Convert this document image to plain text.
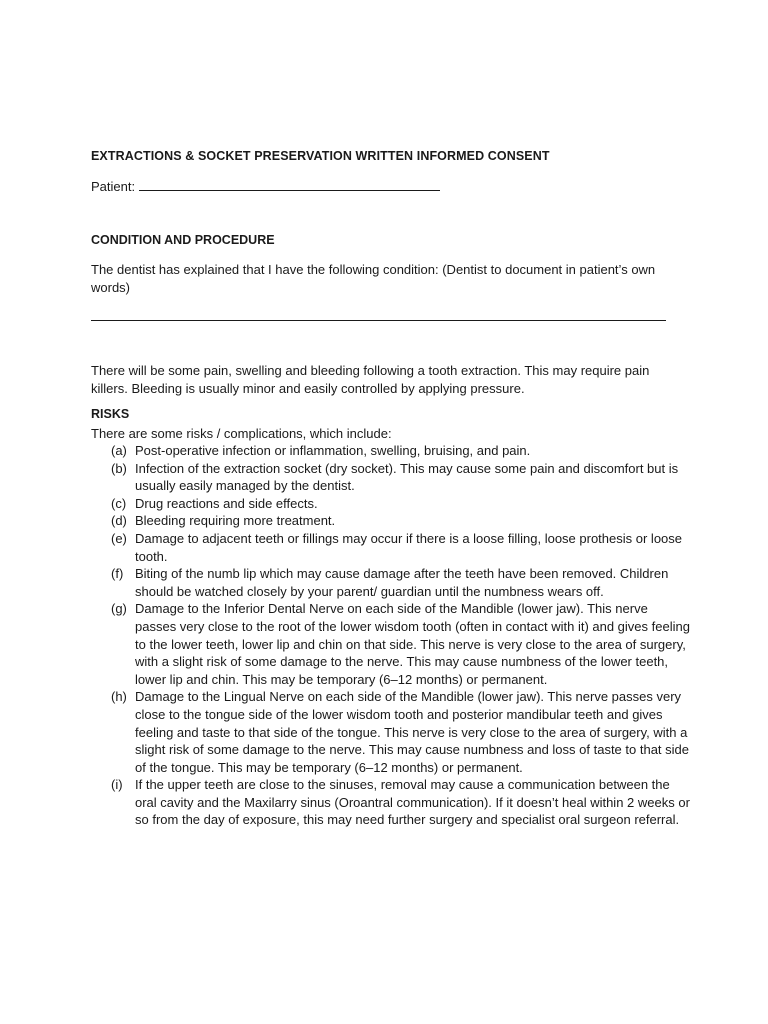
EXTRACTIONS & SOCKET PRESERVATION WRITTEN INFORMED CONSENT
Patient:
CONDITION AND PROCEDURE
The dentist has explained that I have the following condition: (Dentist to document in patient’s own words)
There will be some pain, swelling and bleeding following a tooth extraction. This may require pain killers. Bleeding is usually minor and easily controlled by applying pressure.
RISKS
There are some risks / complications, which include:
(a) Post-operative infection or inflammation, swelling, bruising, and pain.
(b) Infection of the extraction socket (dry socket). This may cause some pain and discomfort but is usually easily managed by the dentist.
(c) Drug reactions and side effects.
(d) Bleeding requiring more treatment.
(e) Damage to adjacent teeth or fillings may occur if there is a loose filling, loose prothesis or loose tooth.
(f) Biting of the numb lip which may cause damage after the teeth have been removed. Children should be watched closely by your parent/ guardian until the numbness wears off.
(g) Damage to the Inferior Dental Nerve on each side of the Mandible (lower jaw). This nerve passes very close to the root of the lower wisdom tooth (often in contact with it) and gives feeling to the lower teeth, lower lip and chin on that side. This nerve is very close to the area of surgery, with a slight risk of some damage to the nerve. This may cause numbness of the lower teeth, lower lip and chin. This may be temporary (6–12 months) or permanent.
(h) Damage to the Lingual Nerve on each side of the Mandible (lower jaw). This nerve passes very close to the tongue side of the lower wisdom tooth and posterior mandibular teeth and gives feeling and taste to that side of the tongue. This nerve is very close to the area of surgery, with a slight risk of some damage to the nerve. This may cause numbness and loss of taste to that side of the tongue. This may be temporary (6–12 months) or permanent.
(i) If the upper teeth are close to the sinuses, removal may cause a communication between the oral cavity and the Maxilarry sinus (Oroantral communication). If it doesn’t heal within 2 weeks or so from the day of exposure, this may need further surgery and specialist oral surgeon referral.
